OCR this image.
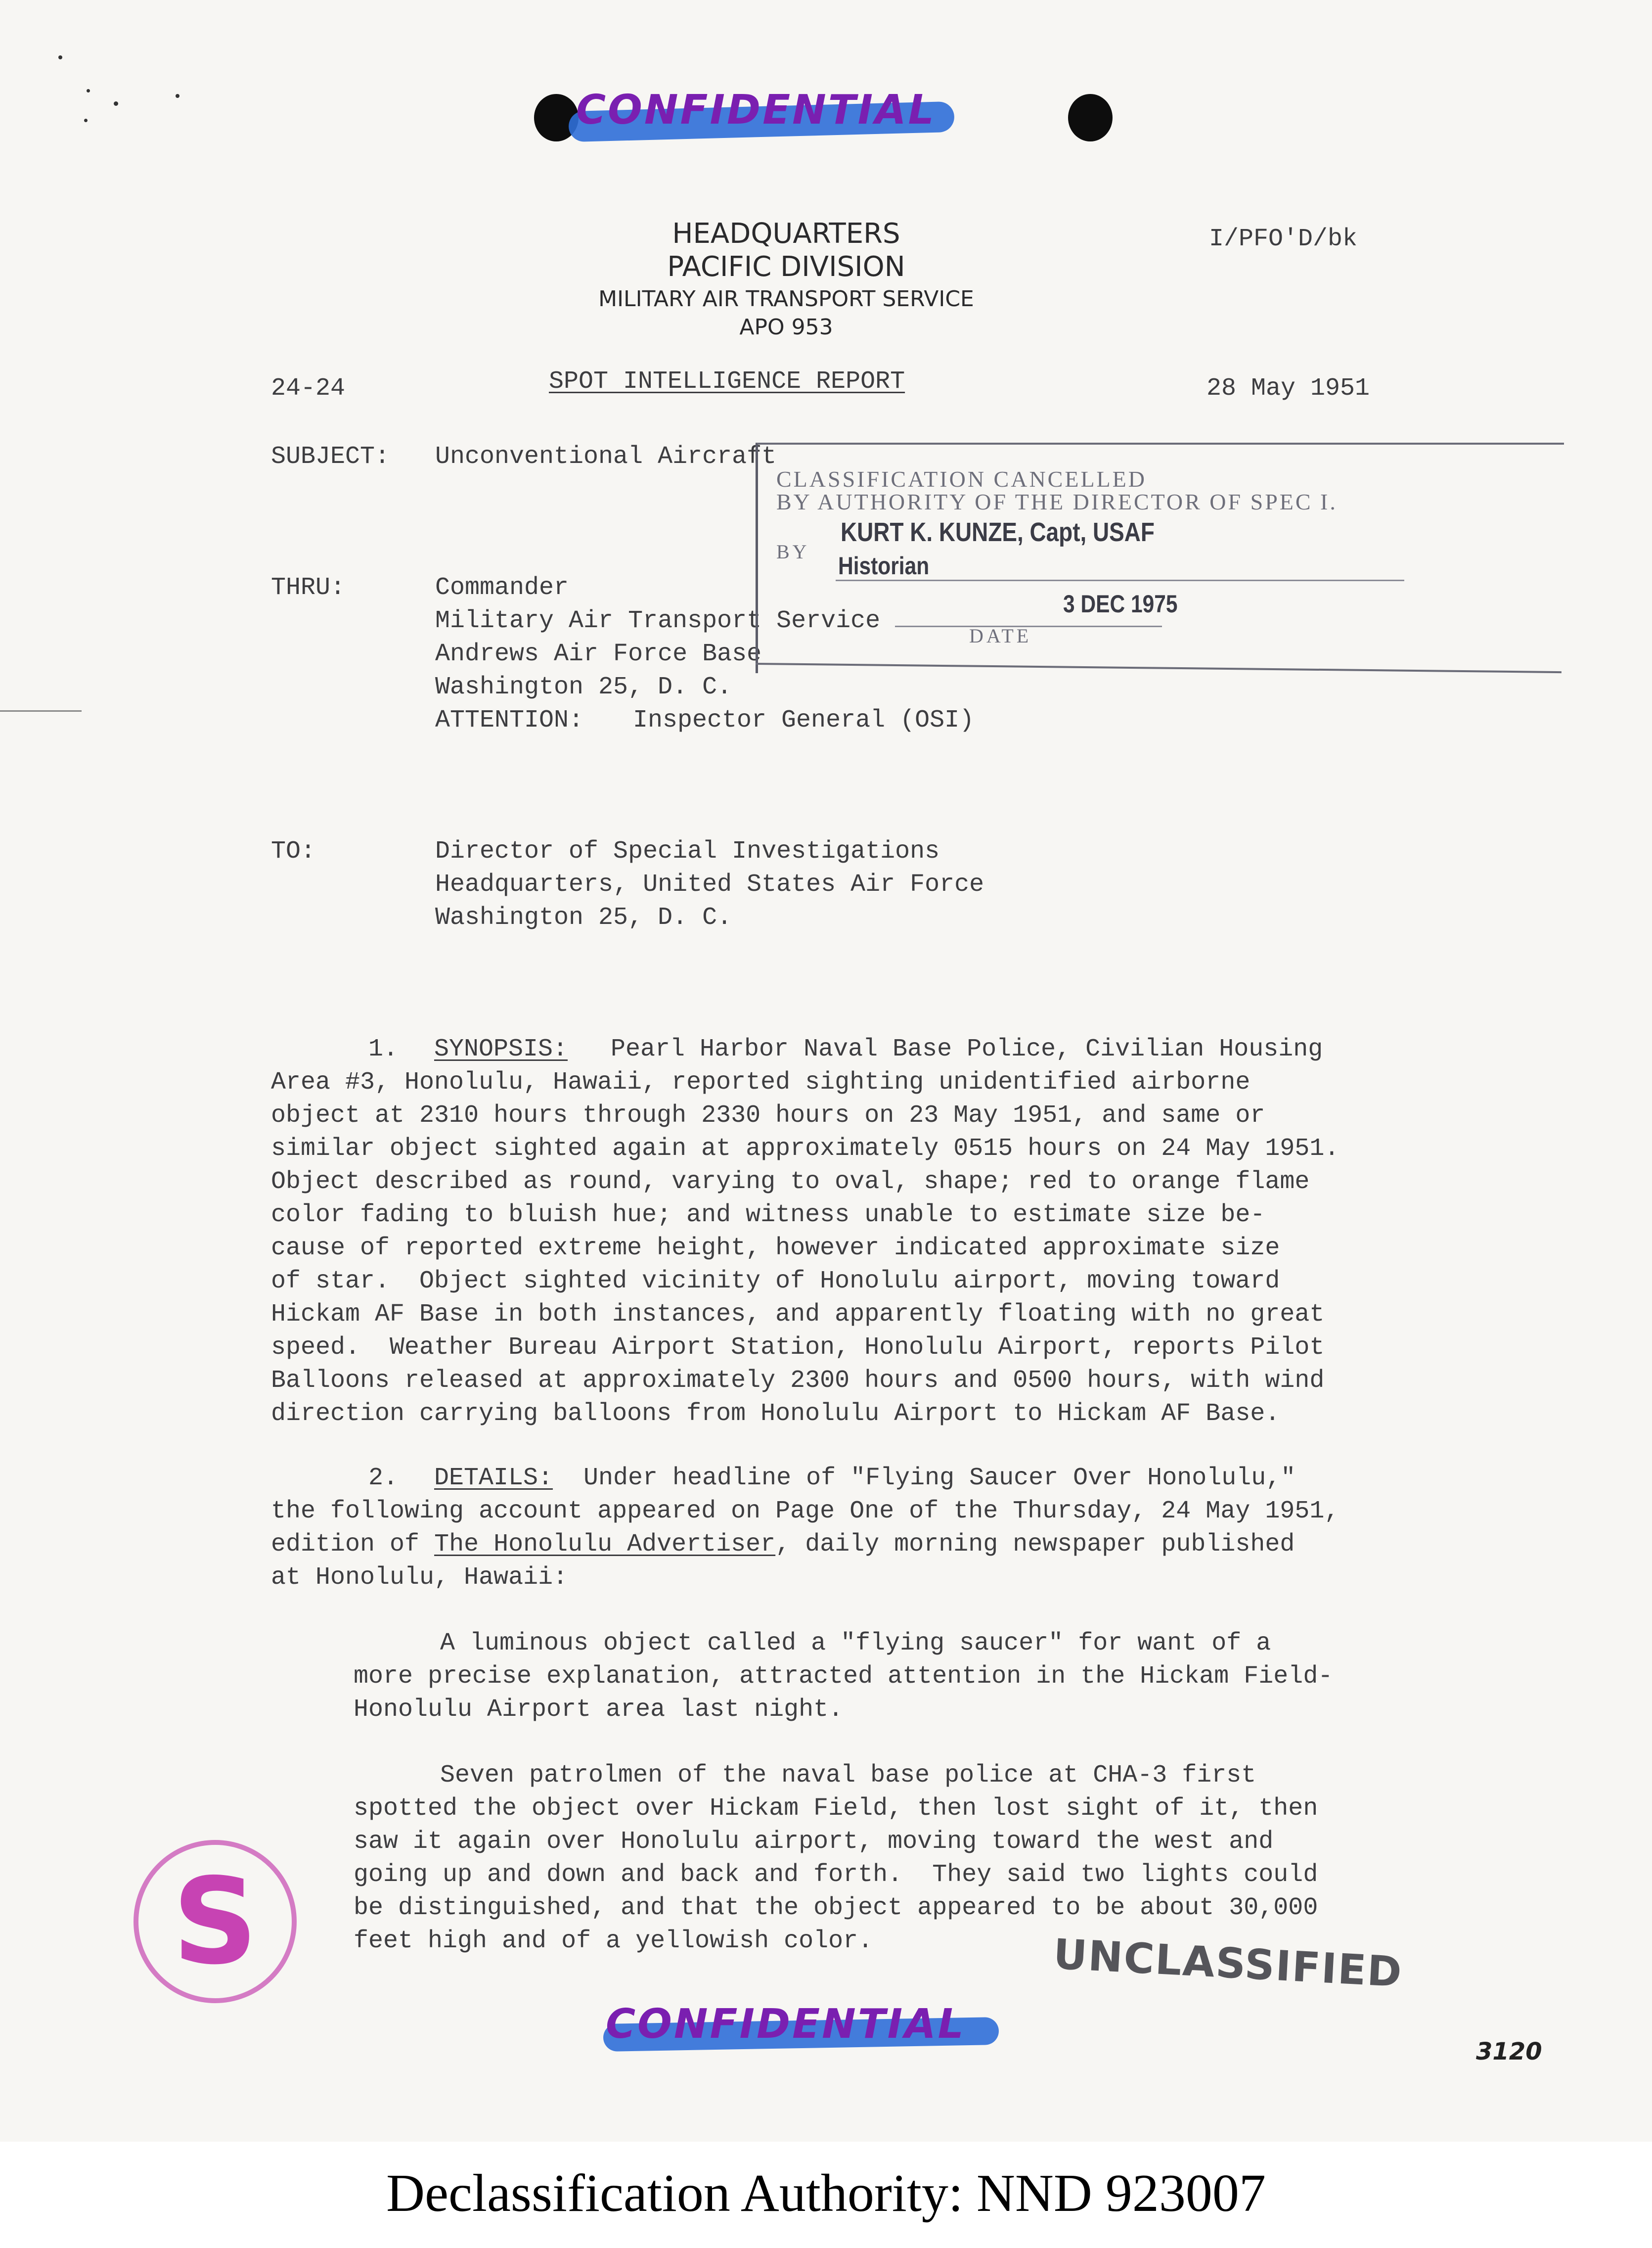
CONFIDENTIAL
HEADQUARTERS
PACIFIC DIVISION
MILITARY AIR TRANSPORT SERVICE
APO 953
I/PFO'D/bk
24-24	SPOT INTELLIGENCE REPORT	28 May 1951
SUBJECT: Unconventional Aircraft
THRU:	Commander
Military Air Transport Service
Andrews Air Force Base
Washington 25, D. C.
ATTENTION: Inspector General (OSI)
CLASSIFICATION CANCELLED
BY AUTHORITY OF THE DIRECTOR OF SPEC I.
BY
KURT K. KUNZE, Capt, USAF
Historian
3 DEC 1975
DATE
TO:	Director of Special Investigations
Headquarters, United States Air Force
Washington 25, D. C.
1. SYNOPSIS: Pearl Harbor Naval Base Police, Civilian Housing
Area #3, Honolulu, Hawaii, reported sighting unidentified airborne
object at 2310 hours through 2330 hours on 23 May 1951, and same or
similar object sighted again at approximately 0515 hours on 24 May 1951.
Object described as round, varying to oval, shape; red to orange flame
color fading to bluish hue; and witness unable to estimate size be-
cause of reported extreme height, however indicated approximate size
of star.  Object sighted vicinity of Honolulu airport, moving toward
Hickam AF Base in both instances, and apparently floating with no great
speed.  Weather Bureau Airport Station, Honolulu Airport, reports Pilot
Balloons released at approximately 2300 hours and 0500 hours, with wind
direction carrying balloons from Honolulu Airport to Hickam AF Base.
2. DETAILS: Under headline of "Flying Saucer Over Honolulu,"
the following account appeared on Page One of the Thursday, 24 May 1951,
edition of The Honolulu Advertiser, daily morning newspaper published
at Honolulu, Hawaii:
A luminous object called a "flying saucer" for want of a
more precise explanation, attracted attention in the Hickam Field-
Honolulu Airport area last night.
Seven patrolmen of the naval base police at CHA-3 first
spotted the object over Hickam Field, then lost sight of it, then
saw it again over Honolulu airport, moving toward the west and
going up and down and back and forth.  They said two lights could
be distinguished, and that the object appeared to be about 30,000
feet high and of a yellowish color.
S	UNCLASSIFIED
CONFIDENTIAL
3120
Declassification Authority: NND 923007
